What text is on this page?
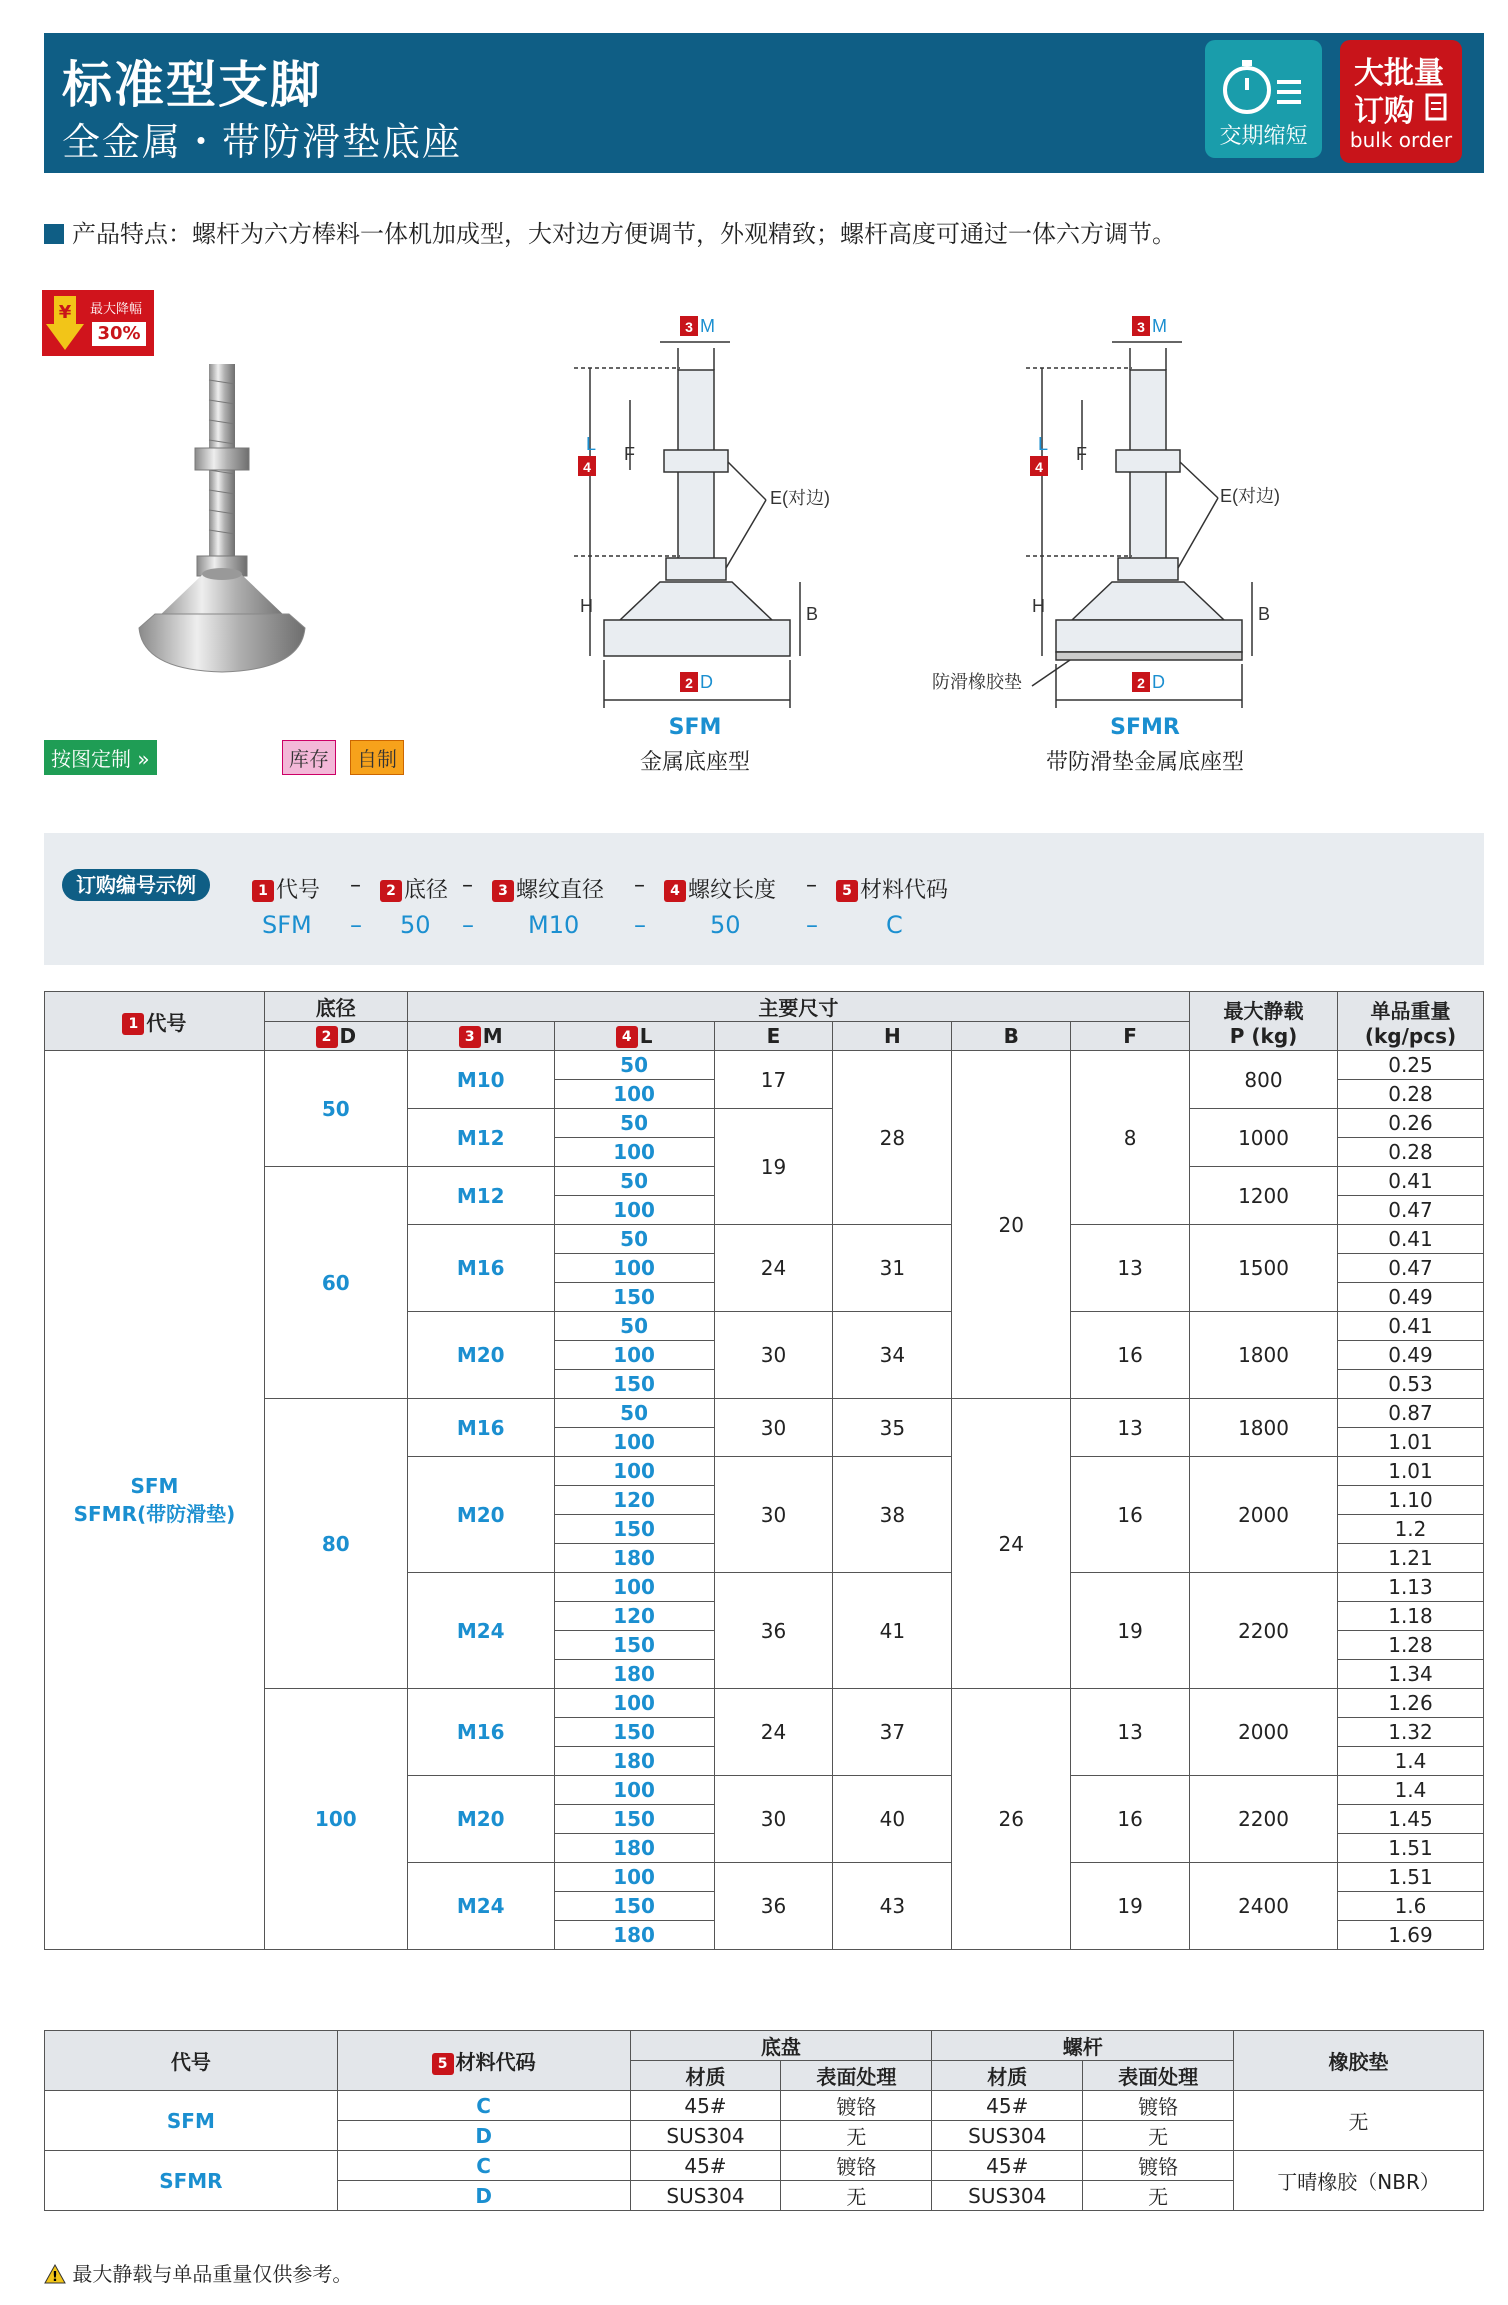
标准型支脚
全金属・带防滑垫底座	交期缩短
大批量
订购
bulk order
产品特点：螺杆为六方棒料一体机加成型，大对边方便调节，外观精致；螺杆高度可通过一体六方调节。
¥ 最大降幅
30%
按图定制 »	库存	自制
3 M
4
L F
H	B
E(对边)
2 D
3 M
4
L F
H	B
E(对边)
防滑橡胶垫	2 D
SFM
金属底座型
SFMR
带防滑垫金属底座型
订购编号示例	1 代号 –	2 底径 –	3 螺纹直径 –	4 螺纹长度 –	5 材料代码
SFM – 50 – M10 –	50	–	C
1 代号	底径	主要尺寸						最大静载
P (kg)	单品重量
(kg/pcs)
	2 D	3 M	4 L	E	H	B	F		
SFM
SFMR(带防滑垫)	50	M10	50	17	28	20	8	800	0.25
			100						0.28
		M12	50	19				1000	0.26
			100						0.28
	60	M12	50					1200	0.41
			100						0.47
		M16	50	24	31		13	1500	0.41
			100						0.47
			150						0.49
		M20	50	30	34		16	1800	0.41
			100						0.49
			150						0.53
	80	M16	50	30	35	24	13	1800	0.87
			100						1.01
		M20	100	30	38		16	2000	1.01
			120						1.10
			150						1.2
			180						1.21
		M24	100	36	41		19	2200	1.13
			120						1.18
			150						1.28
			180						1.34
	100	M16	100	24	37	26	13	2000	1.26
			150						1.32
			180						1.4
		M20	100	30	40		16	2200	1.4
			150						1.45
			180						1.51
		M24	100	36	43		19	2400	1.51
			150						1.6
			180						1.69
代号	5 材料代码	底盘		螺杆		橡胶垫
		材质	表面处理	材质	表面处理	
SFM	C	45#	镀铬	45#	镀铬	无
	D	SUS304	无	SUS304	无	
SFMR	C	45#	镀铬	45#	镀铬	丁晴橡胶（NBR）
	D	SUS304	无	SUS304	无	
! 最大静载与单品重量仅供参考。
